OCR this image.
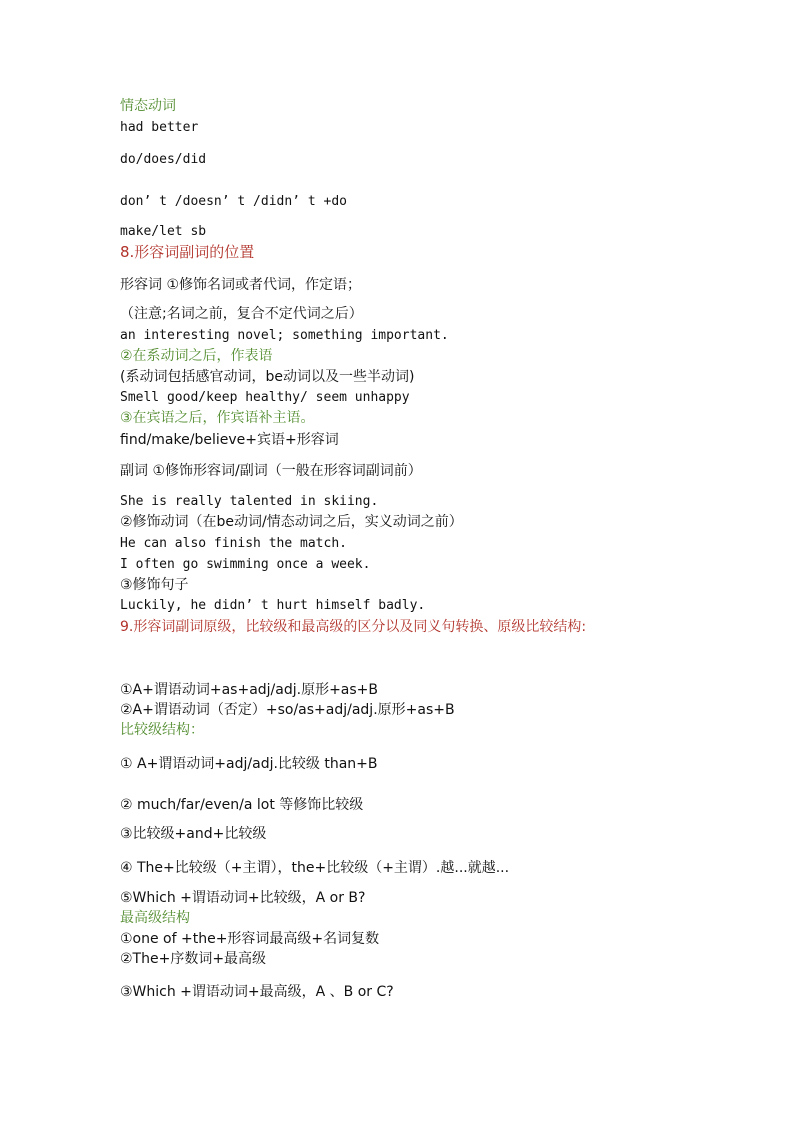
情态动词
had better
do/does/did
don’ t /doesn’ t /didn’ t +do
make/let sb
8.形容词副词的位置
形容词 ①修饰名词或者代词，作定语；
（注意;名词之前，复合不定代词之后）
an interesting novel; something important.
②在系动词之后，作表语
(系动词包括感官动词，be动词以及一些半动词)
Smell good/keep healthy/ seem unhappy
③在宾语之后，作宾语补主语。
find/make/believe+宾语+形容词
副词 ①修饰形容词/副词（一般在形容词副词前）
She is really talented in skiing.
②修饰动词（在be动词/情态动词之后，实义动词之前）
He can also finish the match.
I often go swimming once a week.
③修饰句子
Luckily, he didn’ t hurt himself badly.
9.形容词副词原级，比较级和最高级的区分以及同义句转换、原级比较结构:
①A+谓语动词+as+adj/adj.原形+as+B
②A+谓语动词（否定）+so/as+adj/adj.原形+as+B
比较级结构：
① A+谓语动词+adj/adj.比较级 than+B
② much/far/even/a lot 等修饰比较级
③比较级+and+比较级
④ The+比较级（+主谓），the+比较级（+主谓）.越...就越...
⑤Which +谓语动词+比较级，A or B?
最高级结构
①one of +the+形容词最高级+名词复数
②The+序数词+最高级
③Which +谓语动词+最高级，A 、B or C?
